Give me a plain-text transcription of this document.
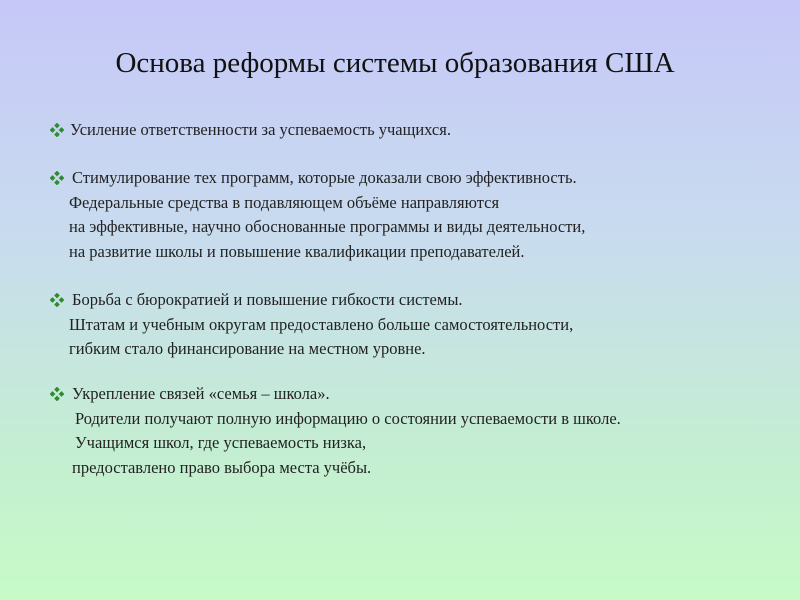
Основа реформы системы образования США
Усиление ответственности за успеваемость учащихся.
Стимулирование тех программ, которые доказали свою эффективность.
Федеральные средства в подавляющем объёме направляются
на эффективные, научно обоснованные программы и виды деятельности,
на развитие школы и повышение квалификации преподавателей.
Борьба с бюрократией и повышение гибкости системы.
Штатам и учебным округам предоставлено больше самостоятельности,
гибким стало финансирование на местном уровне.
Укрепление связей «семья – школа».
Родители получают полную информацию о состоянии успеваемости в школе.
Учащимся школ, где успеваемость низка,
предоставлено право выбора места учёбы.
